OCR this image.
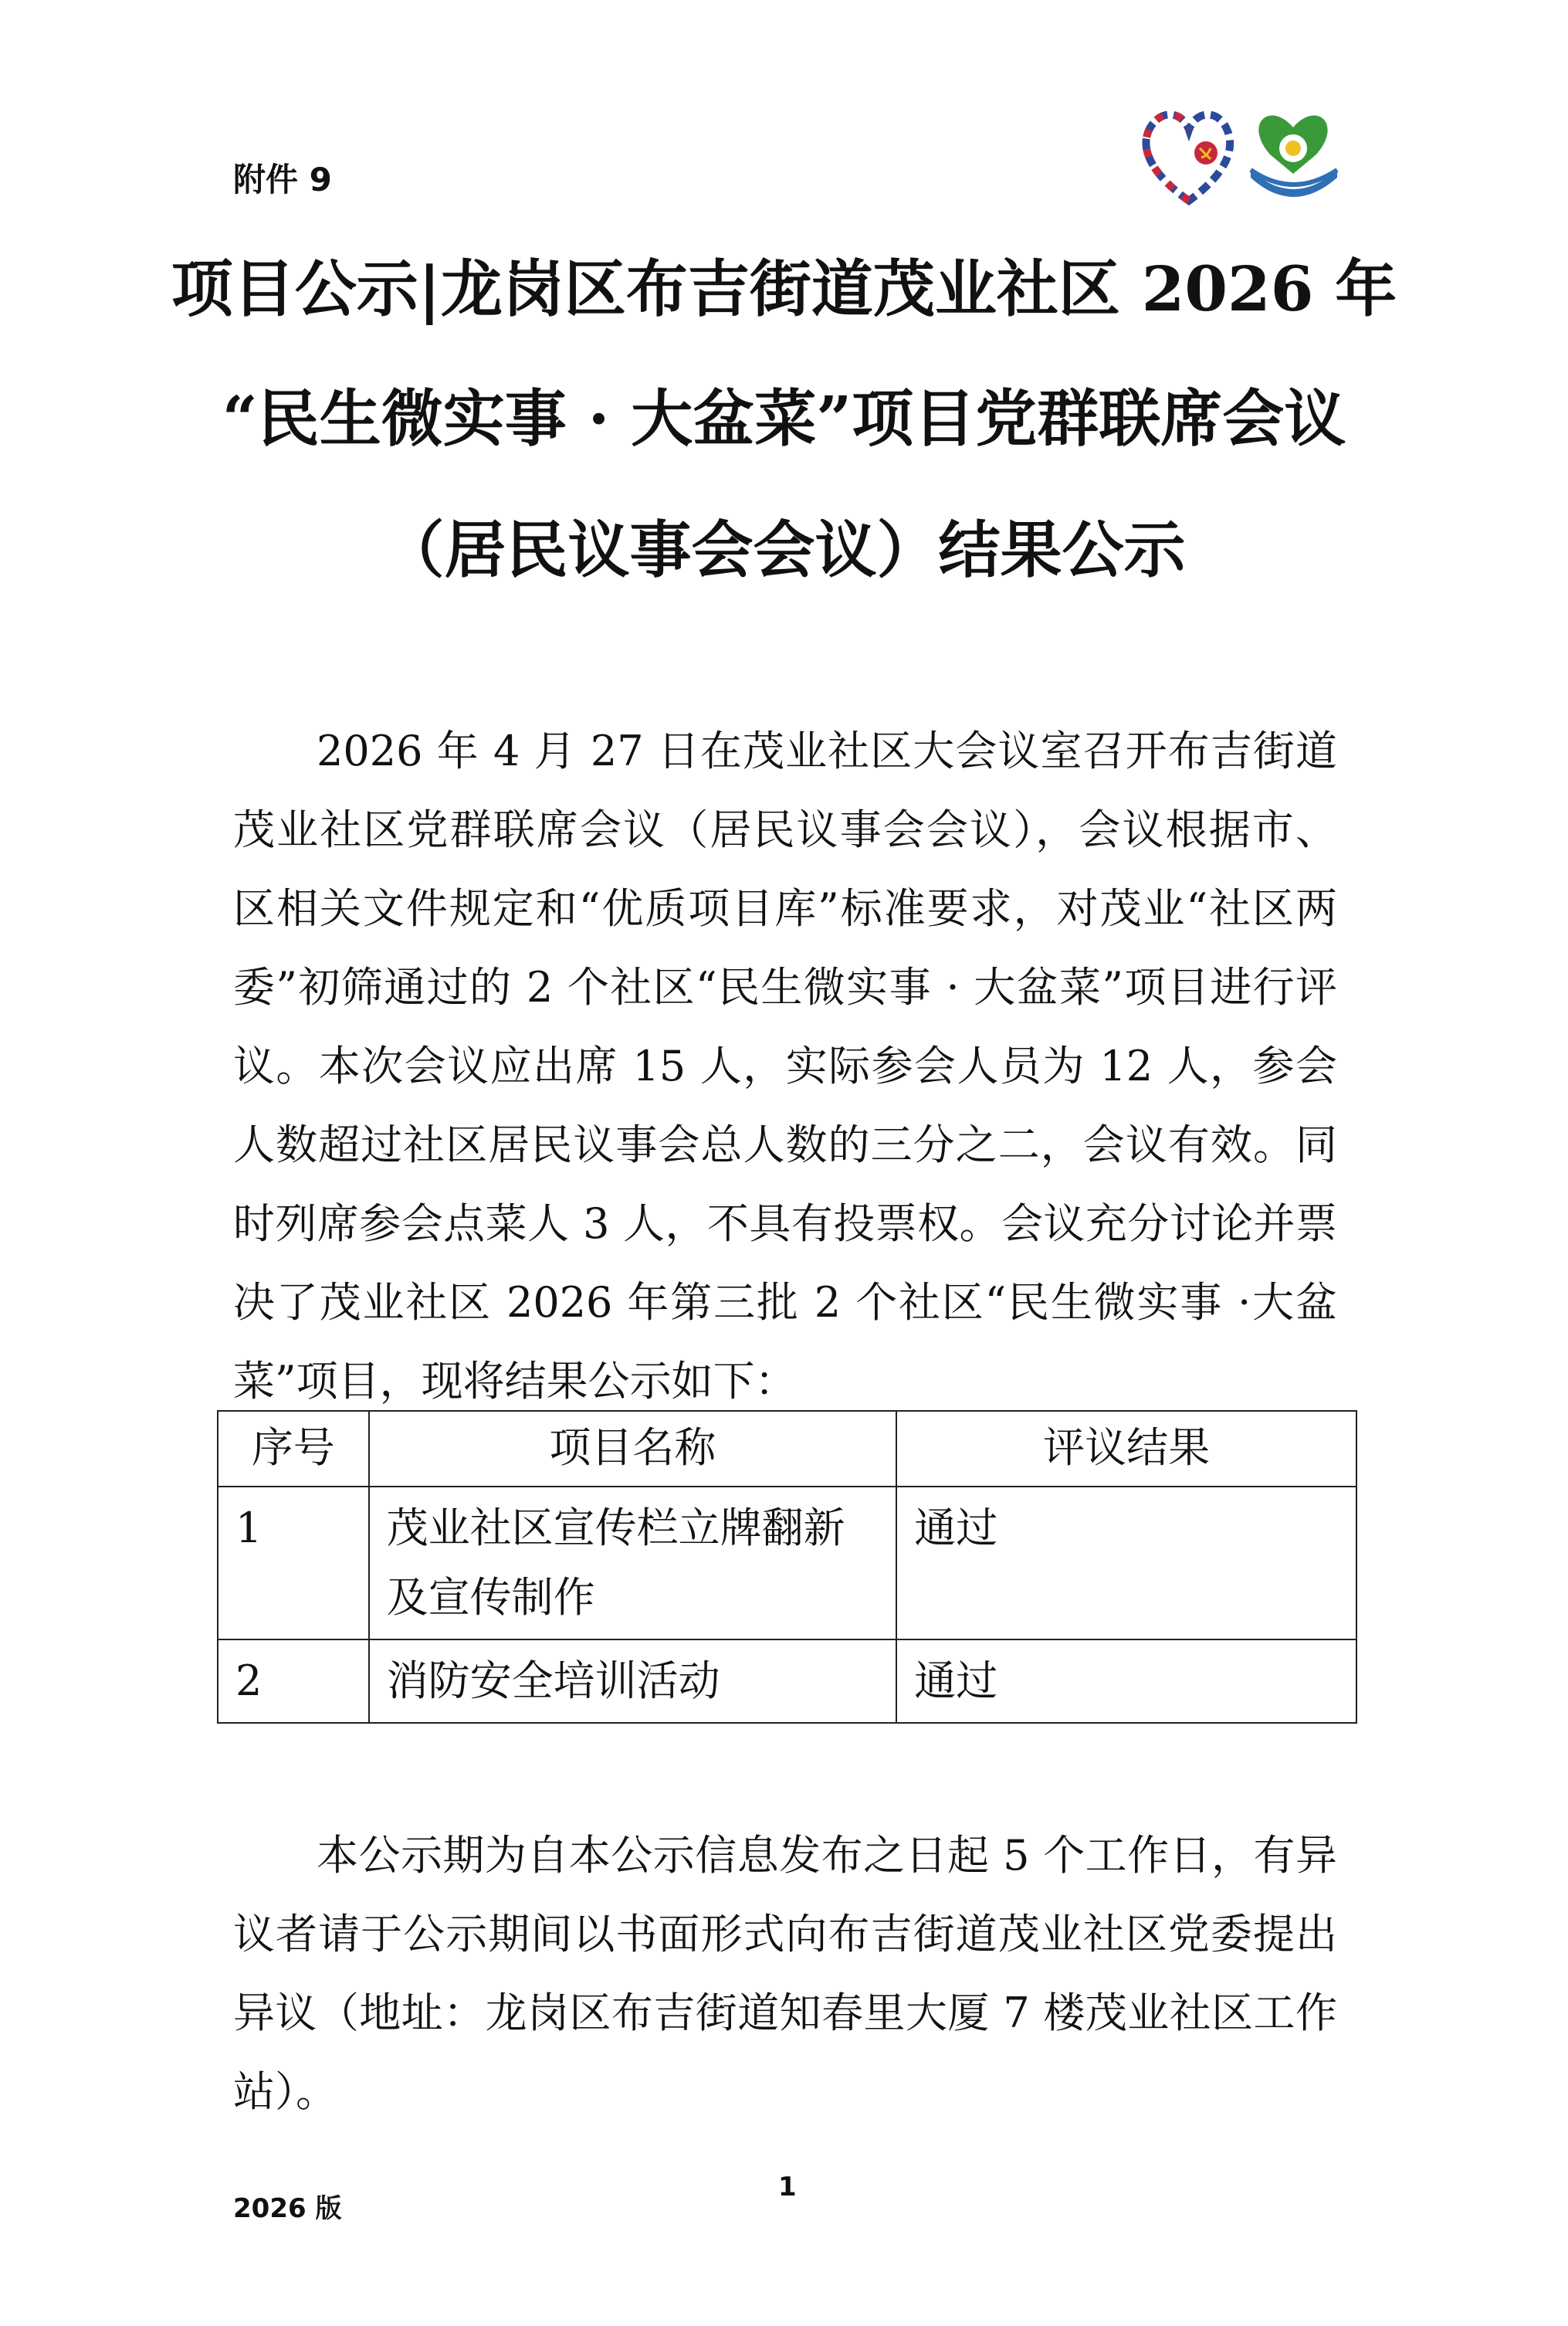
附件 9
项目公示|龙岗区布吉街道茂业社区 2026 年
“民生微实事 · 大盆菜”项目党群联席会议
（居民议事会会议）结果公示
2026 年 4 月 27 日在茂业社区大会议室召开布吉街道茂业社区党群联席会议（居民议事会会议），会议根据市、区相关文件规定和“优质项目库”标准要求，对茂业“社区两委”初筛通过的 2 个社区“民生微实事 · 大盆菜”项目进行评议。本次会议应出席 15 人，实际参会人员为 12 人，参会人数超过社区居民议事会总人数的三分之二，会议有效。同时列席参会点菜人 3 人，不具有投票权。会议充分讨论并票决了茂业社区 2026 年第三批 2 个社区“民生微实事 ·大盆菜”项目，现将结果公示如下：
序号	项目名称	评议结果
1	茂业社区宣传栏立牌翻新及宣传制作	通过
2	消防安全培训活动	通过
本公示期为自本公示信息发布之日起 5 个工作日，有异议者请于公示期间以书面形式向布吉街道茂业社区党委提出异议（地址：龙岗区布吉街道知春里大厦 7 楼茂业社区工作站）。
2026 版
1
